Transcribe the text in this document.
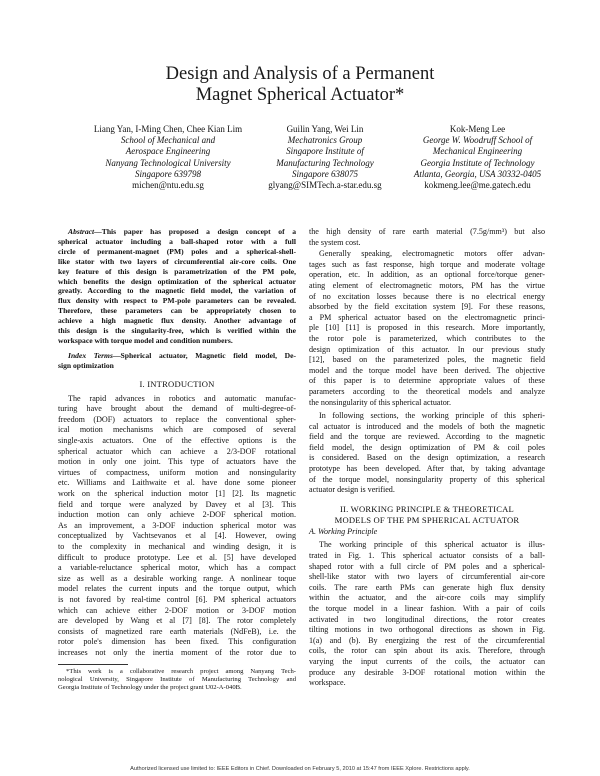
Design and Analysis of a Permanent
Magnet Spherical Actuator*
Liang Yan, I-Ming Chen, Chee Kian Lim
School of Mechanical and
Aerospace Engineering
Nanyang Technological University
Singapore 639798
michen@ntu.edu.sg
Guilin Yang, Wei Lin
Mechatronics Group
Singapore Institute of
Manufacturing Technology
Singapore 638075
glyang@SIMTech.a-star.edu.sg
Kok-Meng Lee
George W. Woodruff School of
Mechanical Engineering
Georgia Institute of Technology
Atlanta, Georgia, USA 30332-0405
kokmeng.lee@me.gatech.edu
Abstract—This paper has proposed a design concept of a
spherical actuator including a ball-shaped rotor with a full
circle of permanent-magnet (PM) poles and a spherical-shell-
like stator with two layers of circumferential air-core coils. One
key feature of this design is parametrization of the PM pole,
which benefits the design optimization of the spherical actuator
greatly. According to the magnetic field model, the variation of
flux density with respect to PM-pole parameters can be revealed.
Therefore, these parameters can be appropriately chosen to
achieve a high magnetic flux density. Another advantage of
this design is the singularity-free, which is verified within the
workspace with torque model and condition numbers.
Index Terms—Spherical actuator, Magnetic field model, De-
sign optimization
I. INTRODUCTION
The rapid advances in robotics and automatic manufac-
turing have brought about the demand of multi-degree-of-
freedom (DOF) actuators to replace the conventional spher-
ical motion mechanisms which are composed of several
single-axis actuators. One of the effective options is the
spherical actuator which can achieve a 2/3-DOF rotational
motion in only one joint. This type of actuators have the
virtues of compactness, uniform motion and nonsingularity
etc. Williams and Laithwaite et al. have done some pioneer
work on the spherical induction motor [1] [2]. Its magnetic
field and torque were analyzed by Davey et al [3]. This
induction motion can only achieve 2-DOF spherical motion.
As an improvement, a 3-DOF induction spherical motor was
conceptualized by Vachtsevanos et al [4]. However, owing
to the complexity in mechanical and winding design, it is
difficult to produce prototype. Lee et al. [5] have developed
a variable-reluctance spherical motor, which has a compact
size as well as a desirable working range. A nonlinear toque
model relates the current inputs and the torque output, which
is not favored by real-time control [6]. PM spherical actuators
which can achieve either 2-DOF motion or 3-DOF motion
are developed by Wang et al [7] [8]. The rotor completely
consists of magnetized rare earth materials (NdFeB), i.e. the
rotor pole's dimension has been fixed. This configuration
increases not only the inertia moment of the rotor due to
*This work is a collaborative research project among Nanyang Tech-
nological University, Singapore Institute of Manufacturing Technology and
Georgia Institute of Technology under the project grant U02-A-040B.
the high density of rare earth material (7.5g/mm³) but also
the system cost.
Generally speaking, electromagnetic motors offer advan-
tages such as fast response, high torque and moderate voltage
operation, etc. In addition, as an optional force/torque gener-
ating element of electromagnetic motors, PM has the virtue
of no excitation losses because there is no electrical energy
absorbed by the field excitation system [9]. For these reasons,
a PM spherical actuator based on the electromagnetic princi-
ple [10] [11] is proposed in this research. More importantly,
the rotor pole is parameterized, which contributes to the
design optimization of this actuator. In our previous study
[12], based on the parameterized poles, the magnetic field
model and the torque model have been derived. The objective
of this paper is to determine appropriate values of these
parameters according to the theoretical models and analyze
the nonsingularity of this spherical actuator.
In following sections, the working principle of this spheri-
cal actuator is introduced and the models of both the magnetic
field and the torque are reviewed. According to the magnetic
field model, the design optimization of PM & coil poles
is considered. Based on the design optimization, a research
prototype has been developed. After that, by taking advantage
of the torque model, nonsingularity property of this spherical
actuator design is verified.
II. WORKING PRINCIPLE & THEORETICAL
MODELS OF THE PM SPHERICAL ACTUATOR
A. Working Principle
The working principle of this spherical actuator is illus-
trated in Fig. 1. This spherical actuator consists of a ball-
shaped rotor with a full circle of PM poles and a spherical-
shell-like stator with two layers of circumferential air-core
coils. The rare earth PMs can generate high flux density
within the actuator, and the air-core coils may simplify
the torque model in a linear fashion. With a pair of coils
activated in two longitudinal directions, the rotor creates
tilting motions in two orthogonal directions as shown in Fig.
1(a) and (b). By energizing the rest of the circumferential
coils, the rotor can spin about its axis. Therefore, through
varying the input currents of the coils, the actuator can
produce any desirable 3-DOF rotational motion within the
workspace.
Authorized licensed use limited to: IEEE Editors in Chief. Downloaded on February 5, 2010 at 15:47 from IEEE Xplore. Restrictions apply.
